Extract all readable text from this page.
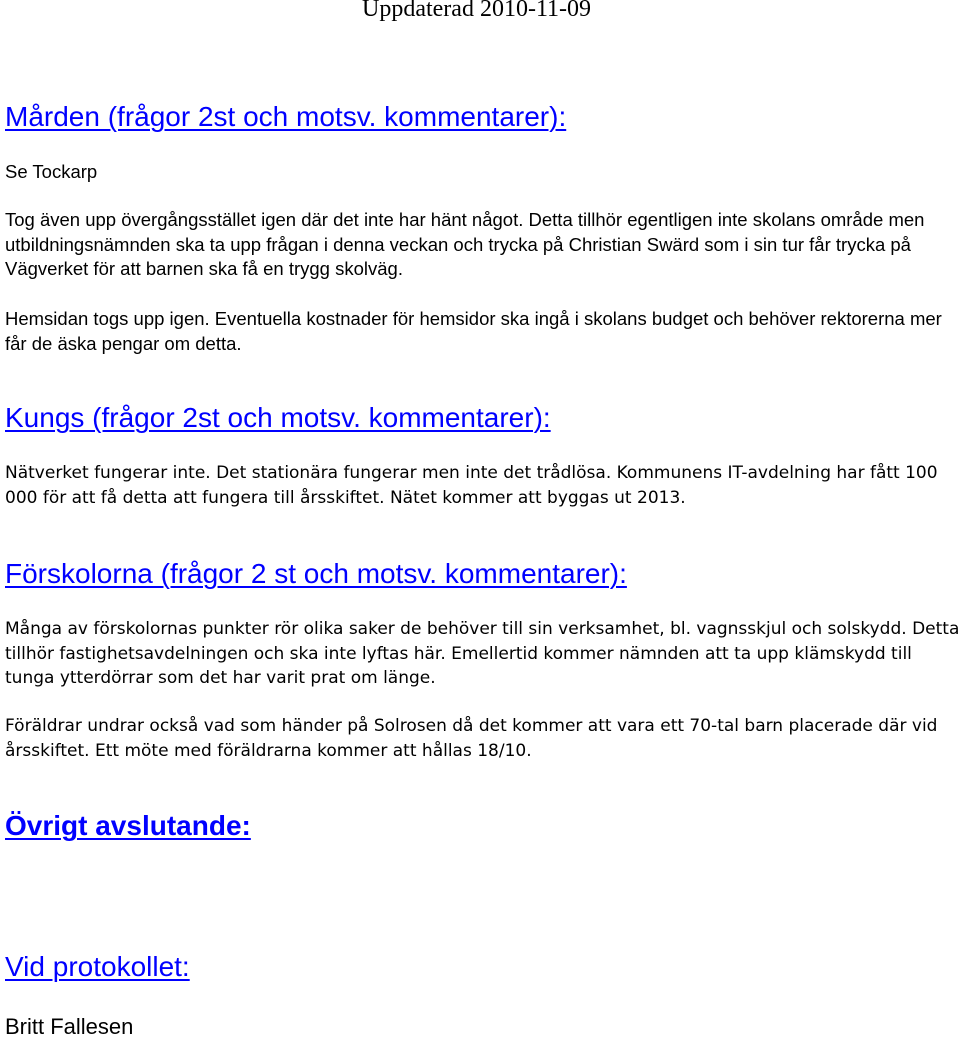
Uppdaterad 2010-11-09
Mården (frågor 2st och motsv. kommentarer):

Se Tockarp

Tog även upp övergångsstället igen där det inte har hänt något. Detta tillhör egentligen inte skolans område men utbildningsnämnden ska ta upp frågan i denna veckan och trycka på Christian Swärd som i sin tur får trycka på Vägverket för att barnen ska få en trygg skolväg.

Hemsidan togs upp igen. Eventuella kostnader för hemsidor ska ingå i skolans budget och behöver rektorerna mer får de äska pengar om detta.

Kungs (frågor 2st och motsv. kommentarer):

Nätverket fungerar inte. Det stationära fungerar men inte det trådlösa. Kommunens IT-avdelning har fått 100 000 för att få detta att fungera till årsskiftet. Nätet kommer att byggas ut 2013.

Förskolorna (frågor 2 st och motsv. kommentarer):

Många av förskolornas punkter rör olika saker de behöver till sin verksamhet, bl. vagnsskjul och solskydd. Detta tillhör fastighetsavdelningen och ska inte lyftas här. Emellertid kommer nämnden att ta upp klämskydd till tunga ytterdörrar som det har varit prat om länge.

Föräldrar undrar också vad som händer på Solrosen då det kommer att vara ett 70-tal barn placerade där vid årsskiftet. Ett möte med föräldrarna kommer att hållas 18/10.

Övrigt avslutande:
Vid protokollet:

Britt Fallesen
